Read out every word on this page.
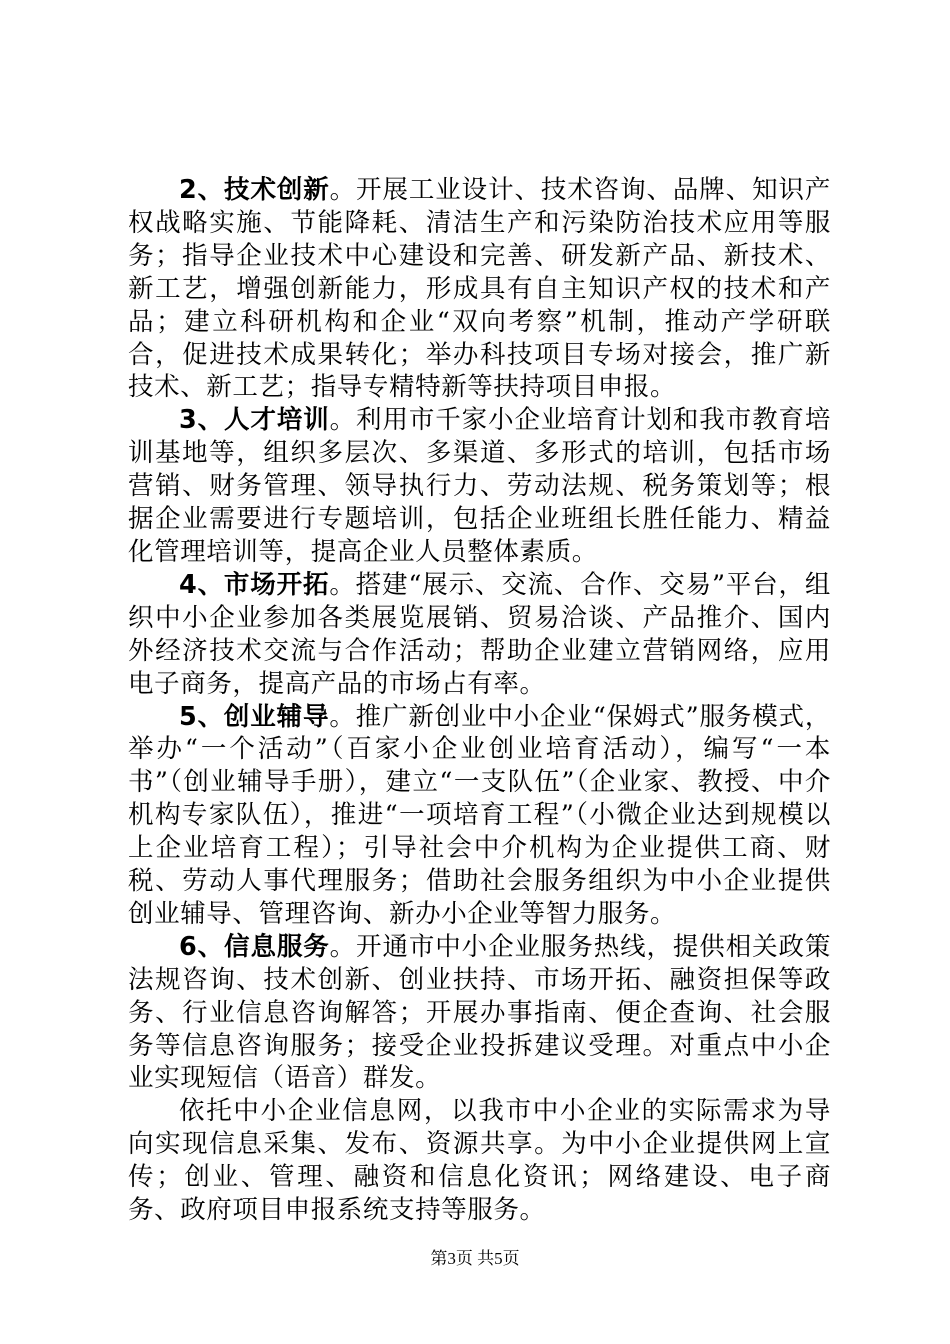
2、技术创新。开展工业设计、技术咨询、品牌、知识产权战略实施、节能降耗、清洁生产和污染防治技术应用等服务；指导企业技术中心建设和完善、研发新产品、新技术、新工艺，增强创新能力，形成具有自主知识产权的技术和产品；建立科研机构和企业“双向考察”机制，推动产学研联合，促进技术成果转化；举办科技项目专场对接会，推广新技术、新工艺；指导专精特新等扶持项目申报。

3、人才培训。利用市千家小企业培育计划和我市教育培训基地等，组织多层次、多渠道、多形式的培训，包括市场营销、财务管理、领导执行力、劳动法规、税务策划等；根据企业需要进行专题培训，包括企业班组长胜任能力、精益化管理培训等，提高企业人员整体素质。

4、市场开拓。搭建“展示、交流、合作、交易”平台，组织中小企业参加各类展览展销、贸易洽谈、产品推介、国内外经济技术交流与合作活动；帮助企业建立营销网络，应用电子商务，提高产品的市场占有率。

5、创业辅导。推广新创业中小企业“保姆式”服务模式，举办“一个活动”（百家小企业创业培育活动），编写“一本书”（创业辅导手册），建立“一支队伍”（企业家、教授、中介机构专家队伍），推进“一项培育工程”（小微企业达到规模以上企业培育工程）；引导社会中介机构为企业提供工商、财税、劳动人事代理服务；借助社会服务组织为中小企业提供创业辅导、管理咨询、新办小企业等智力服务。

6、信息服务。开通市中小企业服务热线，提供相关政策法规咨询、技术创新、创业扶持、市场开拓、融资担保等政务、行业信息咨询解答；开展办事指南、便企查询、社会服务等信息咨询服务；接受企业投拆建议受理。对重点中小企业实现短信（语音）群发。

依托中小企业信息网，以我市中小企业的实际需求为导向实现信息采集、发布、资源共享。为中小企业提供网上宣传；创业、管理、融资和信息化资讯；网络建设、电子商务、政府项目申报系统支持等服务。

第3页 共5页
